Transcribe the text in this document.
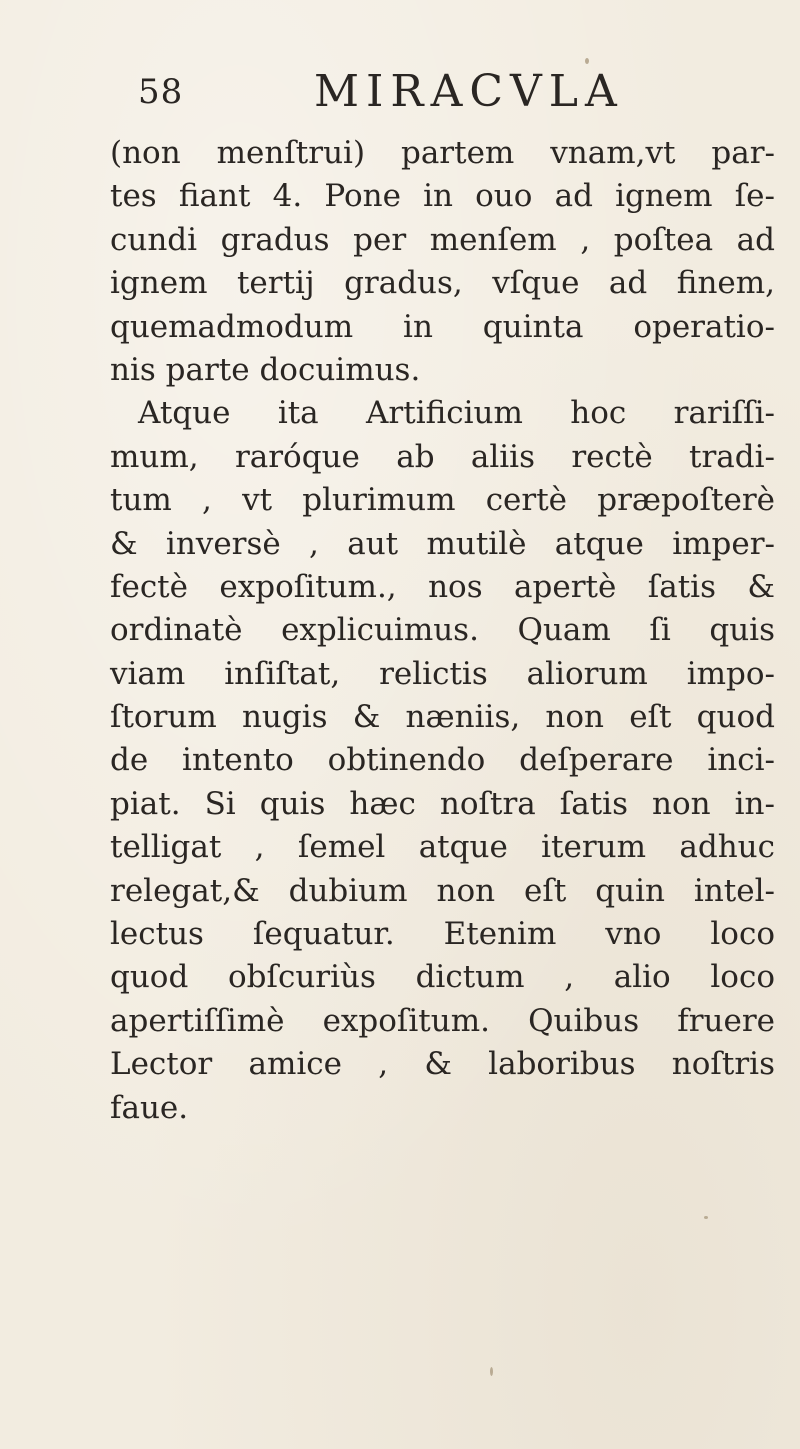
58	MIRACVLA
(non menſtrui) partem vnam,vt par-
tes fiant 4. Pone in ouo ad ignem ſe-
cundi gradus per menſem , poſtea ad
ignem tertij gradus, vſque ad finem,
quemadmodum in quinta operatio-
nis parte docuimus.
Atque ita Artificium hoc rariſſi-
mum, raróque ab aliis rectè tradi-
tum , vt plurimum certè præpoſterè
& inversè , aut mutilè atque imper-
fectè expoſitum., nos apertè ſatis &
ordinatè explicuimus. Quam ſi quis
viam inſiſtat, relictis aliorum impo-
ſtorum nugis & næniis, non eſt quod
de intento obtinendo deſperare inci-
piat. Si quis hæc noſtra ſatis non in-
telligat , ſemel atque iterum adhuc
relegat,& dubium non eſt quin intel-
lectus ſequatur. Etenim vno loco
quod obſcuriùs dictum , alio loco
apertiſſimè expoſitum. Quibus fruere
Lector amice , & laboribus noſtris
faue.
